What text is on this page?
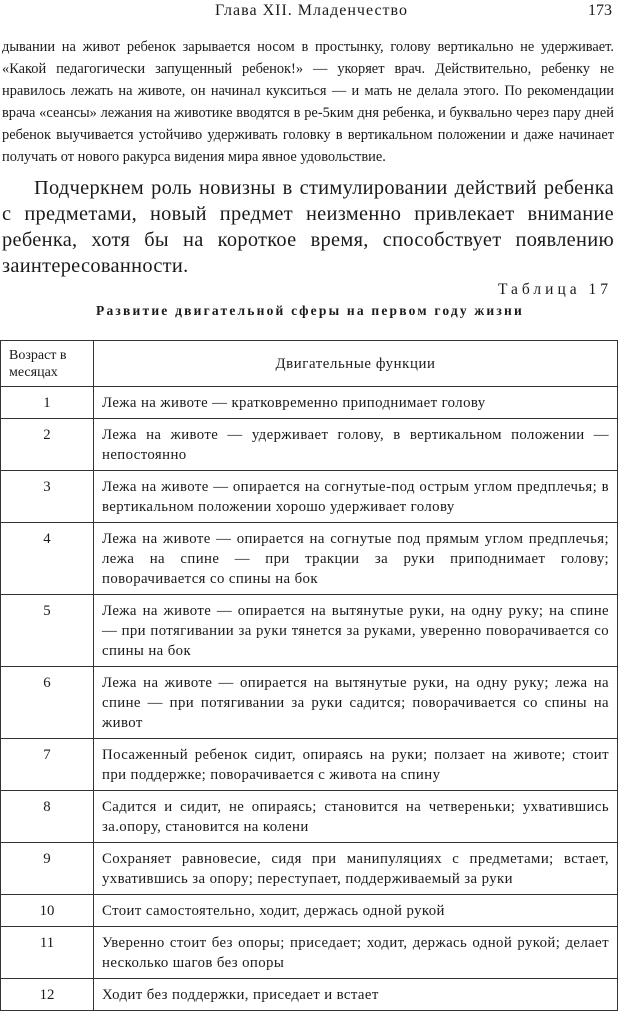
Глава XII. Младенчество	173

дывании на живот ребенок зарывается носом в простынку, голову вертикально не удерживает. «Какой педагогически запущенный ребенок!» — укоряет врач. Действительно, ребенку не нравилось лежать на животе, он начинал кукситься — и мать не делала этого. По рекомендации врача «сеансы» лежания на животике вводятся в ре-5ким дня ребенка, и буквально через пару дней ребенок выучивается устойчиво удерживать головку в вертикальном положении и даже начинает получать от нового ракурса видения мира явное удовольствие.

Подчеркнем роль новизны в стимулировании действий ребенка с предметами, новый предмет неизменно привлекает внимание ребенка, хотя бы на короткое время, способствует появлению заинтересованности.

Таблица 17
Развитие двигательной сферы на первом году жизни
Возраст в месяцах	Двигательные функции
1	Лежа на животе — кратковременно приподнимает голову
2	Лежа на животе — удерживает голову, в вертикальном положении — непостоянно
3	Лежа на животе — опирается на согнутые-под острым углом предплечья; в вертикальном положении хорошо удерживает голову
4	Лежа на животе — опирается на согнутые под прямым углом предплечья; лежа на спине — при тракции за руки приподнимает голову; поворачивается со спины на бок
5	Лежа на животе — опирается на вытянутые руки, на одну руку; на спине — при потягивании за руки тянется за руками, уверенно поворачивается со спины на бок
6	Лежа на животе — опирается на вытянутые руки, на одну руку; лежа на спине — при потягивании за руки садится; поворачивается со спины на живот
7	Посаженный ребенок сидит, опираясь на руки; ползает на животе; стоит при поддержке; поворачивается с живота на спину
8	Садится и сидит, не опираясь; становится на четвереньки; ухватившись за.опору, становится на колени
9	Сохраняет равновесие, сидя при манипуляциях с предметами; встает, ухватившись за опору; переступает, поддерживаемый за руки
10	Стоит самостоятельно, ходит, держась одной рукой
11	Уверенно стоит без опоры; приседает; ходит, держась одной рукой; делает несколько шагов без опоры
12	Ходит без поддержки, приседает и встает
